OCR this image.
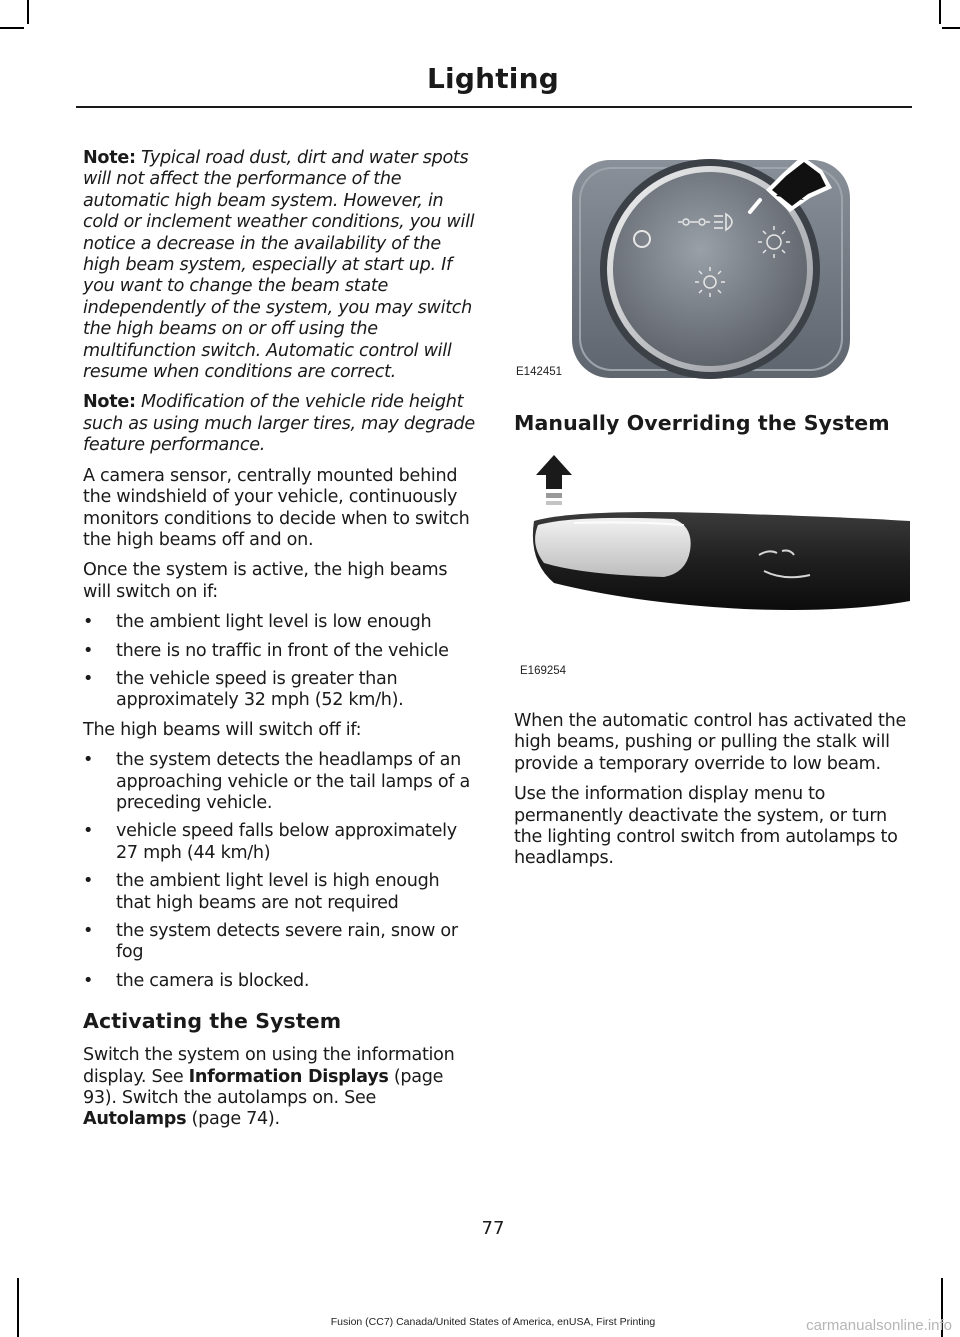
Lighting

Note: Typical road dust, dirt and water spots will not affect the performance of the automatic high beam system. However, in cold or inclement weather conditions, you will notice a decrease in the availability of the high beam system, especially at start up. If you want to change the beam state independently of the system, you may switch the high beams on or off using the multifunction switch. Automatic control will resume when conditions are correct.

Note: Modification of the vehicle ride height such as using much larger tires, may degrade feature performance.

A camera sensor, centrally mounted behind the windshield of your vehicle, continuously monitors conditions to decide when to switch the high beams off and on.

Once the system is active, the high beams will switch on if:

• the ambient light level is low enough
• there is no traffic in front of the vehicle
• the vehicle speed is greater than approximately 32 mph (52 km/h).

The high beams will switch off if:

• the system detects the headlamps of an approaching vehicle or the tail lamps of a preceding vehicle.
• vehicle speed falls below approximately 27 mph (44 km/h)
• the ambient light level is high enough that high beams are not required
• the system detects severe rain, snow or fog
• the camera is blocked.
Activating the System

Switch the system on using the information display. See Information Displays (page 93). Switch the autolamps on. See Autolamps (page 74).

E142451
Manually Overriding the System
E169254

When the automatic control has activated the high beams, pushing or pulling the stalk will provide a temporary override to low beam.

Use the information display menu to permanently deactivate the system, or turn the lighting control switch from autolamps to headlamps.

77
Fusion (CC7) Canada/United States of America, enUSA, First Printing	carmanualsonline.info
